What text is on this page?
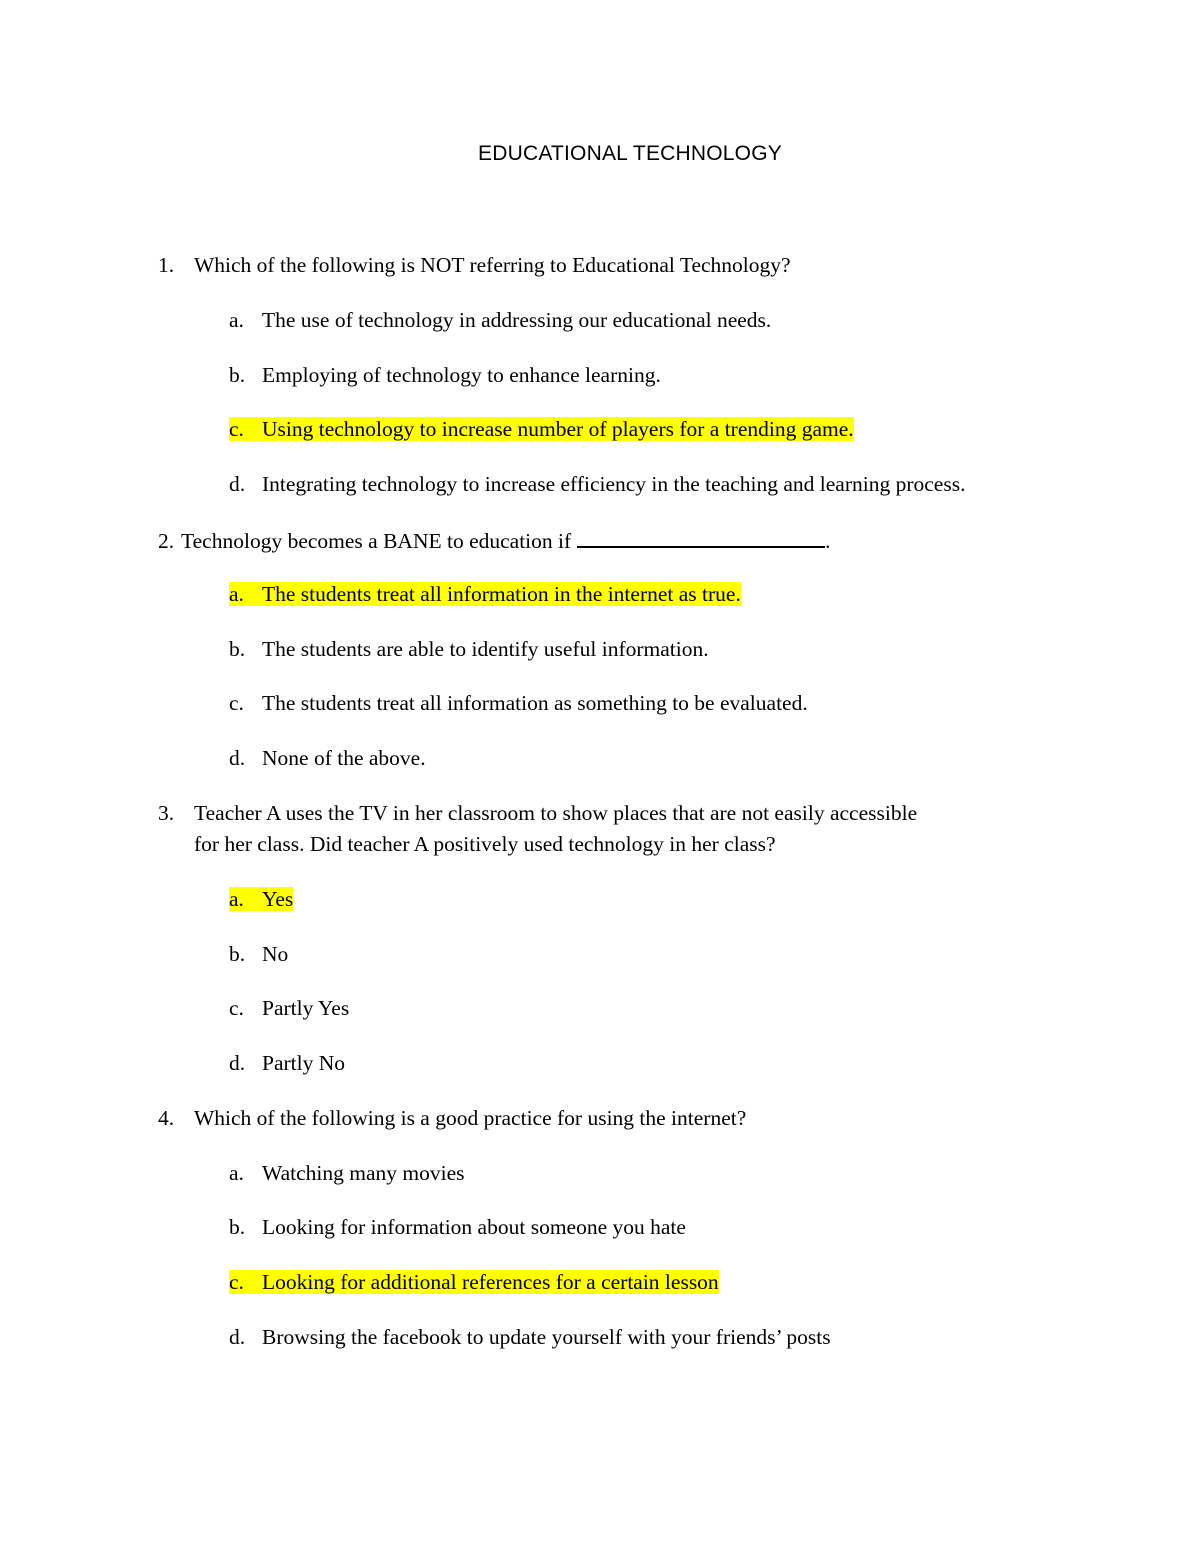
EDUCATIONAL TECHNOLOGY
1. Which of the following is NOT referring to Educational Technology?
a. The use of technology in addressing our educational needs.
b. Employing of technology to enhance learning.
c. Using technology to increase number of players for a trending game.
d. Integrating technology to increase efficiency in the teaching and learning process.
2. Technology becomes a BANE to education if	.
a. The students treat all information in the internet as true.
b. The students are able to identify useful information.
c. The students treat all information as something to be evaluated.
d. None of the above.
3. Teacher A uses the TV in her classroom to show places that are not easily accessible
for her class. Did teacher A positively used technology in her class?
a. Yes
b. No
c. Partly Yes
d. Partly No
4. Which of the following is a good practice for using the internet?
a. Watching many movies
b. Looking for information about someone you hate
c. Looking for additional references for a certain lesson
d. Browsing the facebook to update yourself with your friends’ posts
